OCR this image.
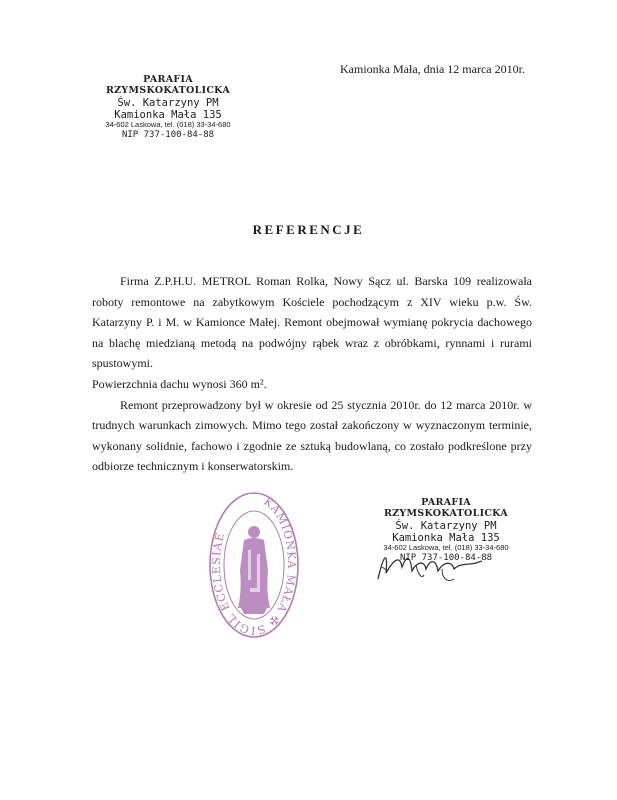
Kamionka Mała, dnia 12 marca 2010r.
PARAFIA RZYMSKOKATOLICKA
Św. Katarzyny PM
Kamionka Mała 135
34-602 Laskowa, tel. (018) 33-34-680
NIP 737-100-84-88
REFERENCJE

Firma Z.P.H.U. METROL Roman Rolka, Nowy Sącz ul. Barska 109 realizowała roboty remontowe na zabytkowym Kościele pochodzącym z XIV wieku p.w. Św. Katarzyny P. i M. w Kamionce Małej. Remont obejmował wymianę pokrycia dachowego na blachę miedzianą metodą na podwójny rąbek wraz z obróbkami, rynnami i rurami spustowymi.

Powierzchnia dachu wynosi 360 m².

Remont przeprowadzony był w okresie od 25 stycznia 2010r. do 12 marca 2010r. w trudnych warunkach zimowych. Mimo tego został zakończony w wyznaczonym terminie, wykonany solidnie, fachowo i zgodnie ze sztuką budowlaną, co zostało podkreślone przy odbiorze technicznym i konserwatorskim.

KAMIONKA MAŁA ✠ SIGIL ECCLESIAE
PARAFIA RZYMSKOKATOLICKA
Św. Katarzyny PM
Kamionka Mała 135
34-602 Laskowa, tel. (018) 33-34-680
NIP 737-100-84-88
